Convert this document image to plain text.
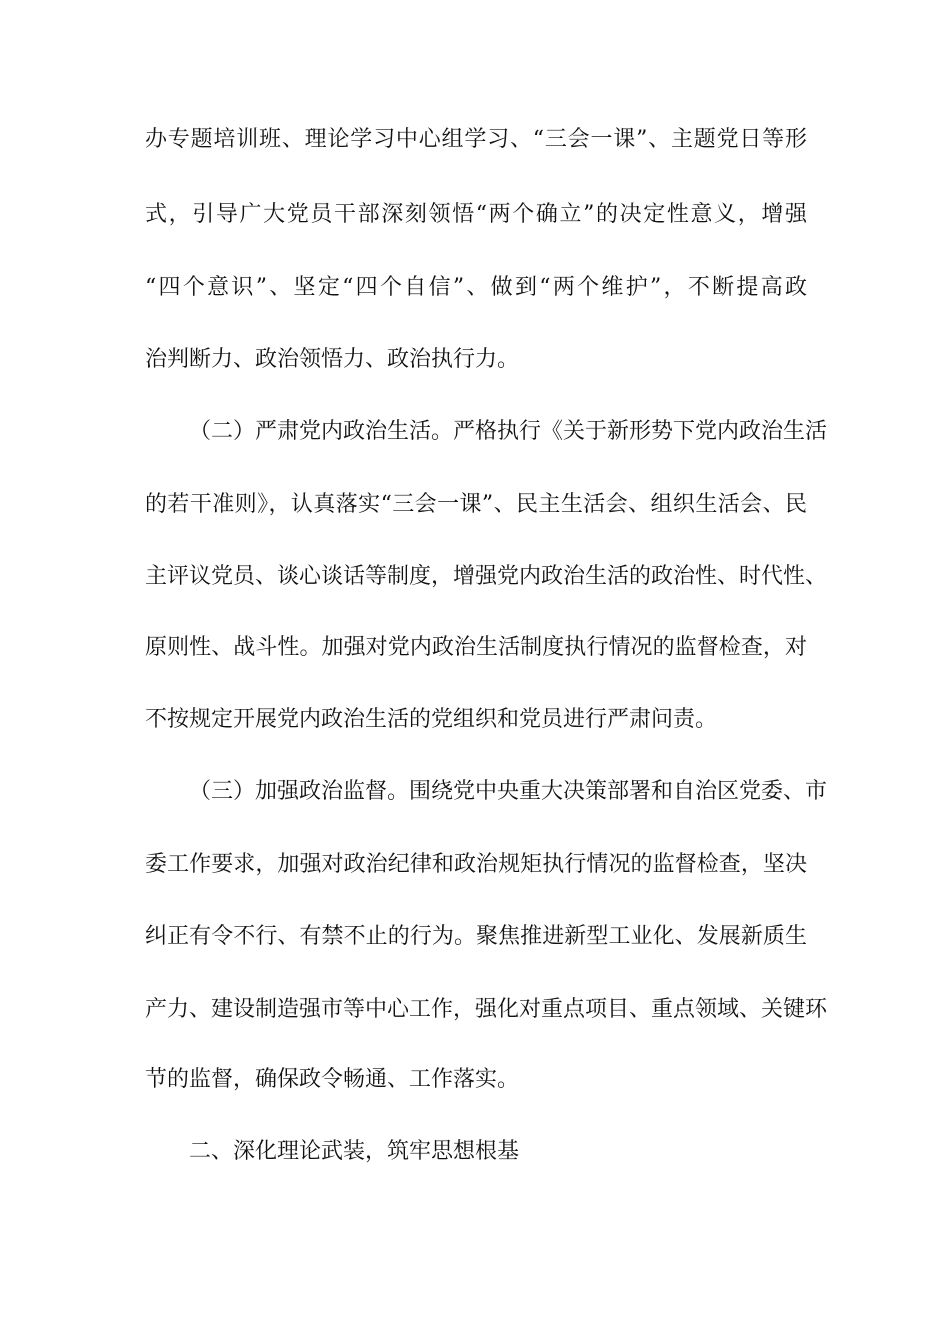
办专题培训班、理论学习中心组学习、“三会一课”、主题党日等形
式，引导广大党员干部深刻领悟“两个确立”的决定性意义，增强
“四个意识”、坚定“四个自信”、做到“两个维护”，不断提高政
治判断力、政治领悟力、政治执行力。
（二）严肃党内政治生活。严格执行《关于新形势下党内政治生活
的若干准则》，认真落实“三会一课”、民主生活会、组织生活会、民
主评议党员、谈心谈话等制度，增强党内政治生活的政治性、时代性、
原则性、战斗性。加强对党内政治生活制度执行情况的监督检查，对
不按规定开展党内政治生活的党组织和党员进行严肃问责。
（三）加强政治监督。围绕党中央重大决策部署和自治区党委、市
委工作要求，加强对政治纪律和政治规矩执行情况的监督检查，坚决
纠正有令不行、有禁不止的行为。聚焦推进新型工业化、发展新质生
产力、建设制造强市等中心工作，强化对重点项目、重点领域、关键环
节的监督，确保政令畅通、工作落实。
二、深化理论武装，筑牢思想根基
